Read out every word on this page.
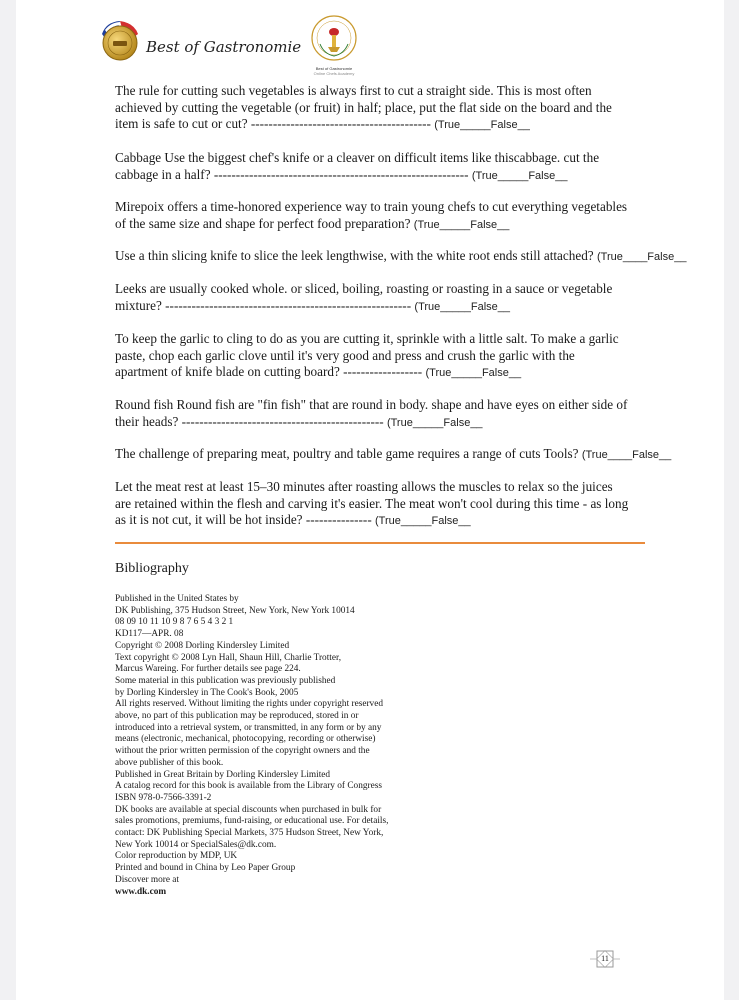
Best of Gastronomie
Best of Gastronomie
Online Chefs Academy
The rule for cutting such vegetables is always first to cut a straight side. This is most often achieved by cutting the vegetable (or fruit) in half; place, put the flat side on the board and the item is safe to cut or cut? ----------------------------------------- (True_____False__
Cabbage Use the biggest chef's knife or a cleaver on difficult items like thiscabbage. cut the cabbage in a half? ---------------------------------------------------------- (True_____False__
Mirepoix offers a time-honored experience way to train young chefs to cut everything vegetables of the same size and shape for perfect food preparation? (True_____False__
Use a thin slicing knife to slice the leek lengthwise, with the white root ends still attached? (True____False__
Leeks are usually cooked whole. or sliced, boiling, roasting or roasting in a sauce or vegetable mixture? -------------------------------------------------------- (True_____False__
To keep the garlic to cling to do as you are cutting it, sprinkle with a little salt. To make a garlic paste, chop each garlic clove until it's very good and press and crush the garlic with the apartment of knife blade on cutting board? ------------------ (True_____False__
Round fish Round fish are "fin fish" that are round in body. shape and have eyes on either side of their heads? ---------------------------------------------- (True_____False__
The challenge of preparing meat, poultry and table game requires a range of cuts Tools? (True____False__
Let the meat rest at least 15–30 minutes after roasting allows the muscles to relax so the juices are retained within the flesh and carving it's easier. The meat won't cool during this time - as long as it is not cut, it will be hot inside? --------------- (True_____False__
Bibliography
Published in the United States by
DK Publishing, 375 Hudson Street, New York, New York 10014
08 09 10 11 10 9 8 7 6 5 4 3 2 1
KD117—APR. 08
Copyright © 2008 Dorling Kindersley Limited
Text copyright © 2008 Lyn Hall, Shaun Hill, Charlie Trotter,
Marcus Wareing. For further details see page 224.
Some material in this publication was previously published
by Dorling Kindersley in The Cook's Book, 2005
All rights reserved. Without limiting the rights under copyright reserved
above, no part of this publication may be reproduced, stored in or
introduced into a retrieval system, or transmitted, in any form or by any
means (electronic, mechanical, photocopying, recording or otherwise)
without the prior written permission of the copyright owners and the
above publisher of this book.
Published in Great Britain by Dorling Kindersley Limited
A catalog record for this book is available from the Library of Congress
ISBN 978-0-7566-3391-2
DK books are available at special discounts when purchased in bulk for
sales promotions, premiums, fund-raising, or educational use. For details,
contact: DK Publishing Special Markets, 375 Hudson Street, New York,
New York 10014 or SpecialSales@dk.com.
Color reproduction by MDP, UK
Printed and bound in China by Leo Paper Group
Discover more at
www.dk.com
11
